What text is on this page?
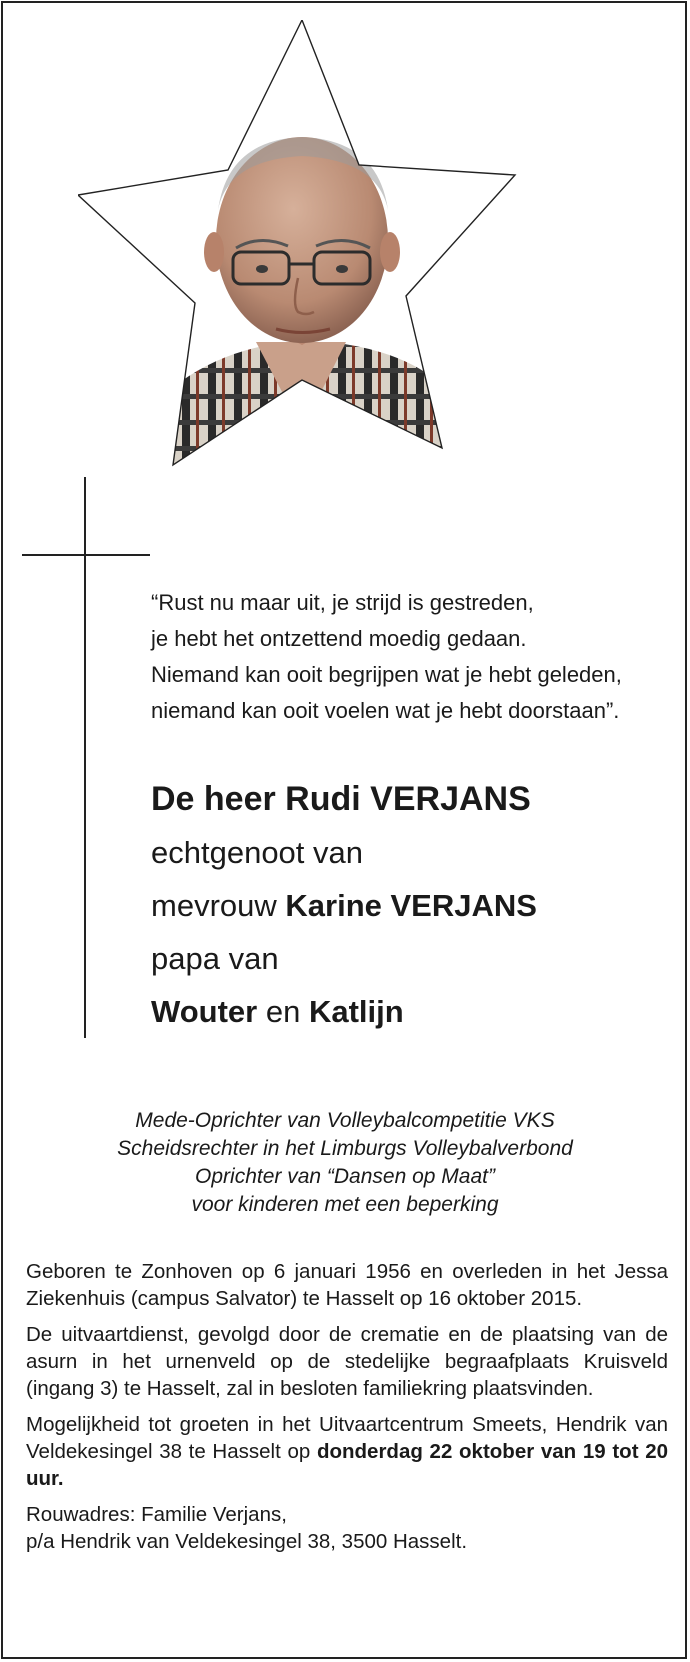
“Rust nu maar uit, je strijd is gestreden,

je hebt het ontzettend moedig gedaan.

Niemand kan ooit begrijpen wat je hebt geleden,

niemand kan ooit voelen wat je hebt doorstaan”.

De heer Rudi VERJANS
echtgenoot van
mevrouw Karine VERJANS
papa van
Wouter en Katlijn

Mede-Oprichter van Volleybalcompetitie VKS

Scheidsrechter in het Limburgs Volleybalverbond

Oprichter van “Dansen op Maat”

voor kinderen met een beperking

Geboren te Zonhoven op 6 januari 1956 en overleden in het Jessa Ziekenhuis (campus Salvator) te Hasselt op 16 oktober 2015.

De uitvaartdienst, gevolgd door de crematie en de plaatsing van de asurn in het urnenveld op de stedelijke begraafplaats Kruisveld (ingang 3) te Hasselt, zal in besloten familiekring plaatsvinden.

Mogelijkheid tot groeten in het Uitvaartcentrum Smeets, Hendrik van Veldekesingel 38 te Hasselt op donderdag 22 oktober van 19 tot 20 uur.

Rouwadres: Familie Verjans,
p/a Hendrik van Veldekesingel 38, 3500 Hasselt.
